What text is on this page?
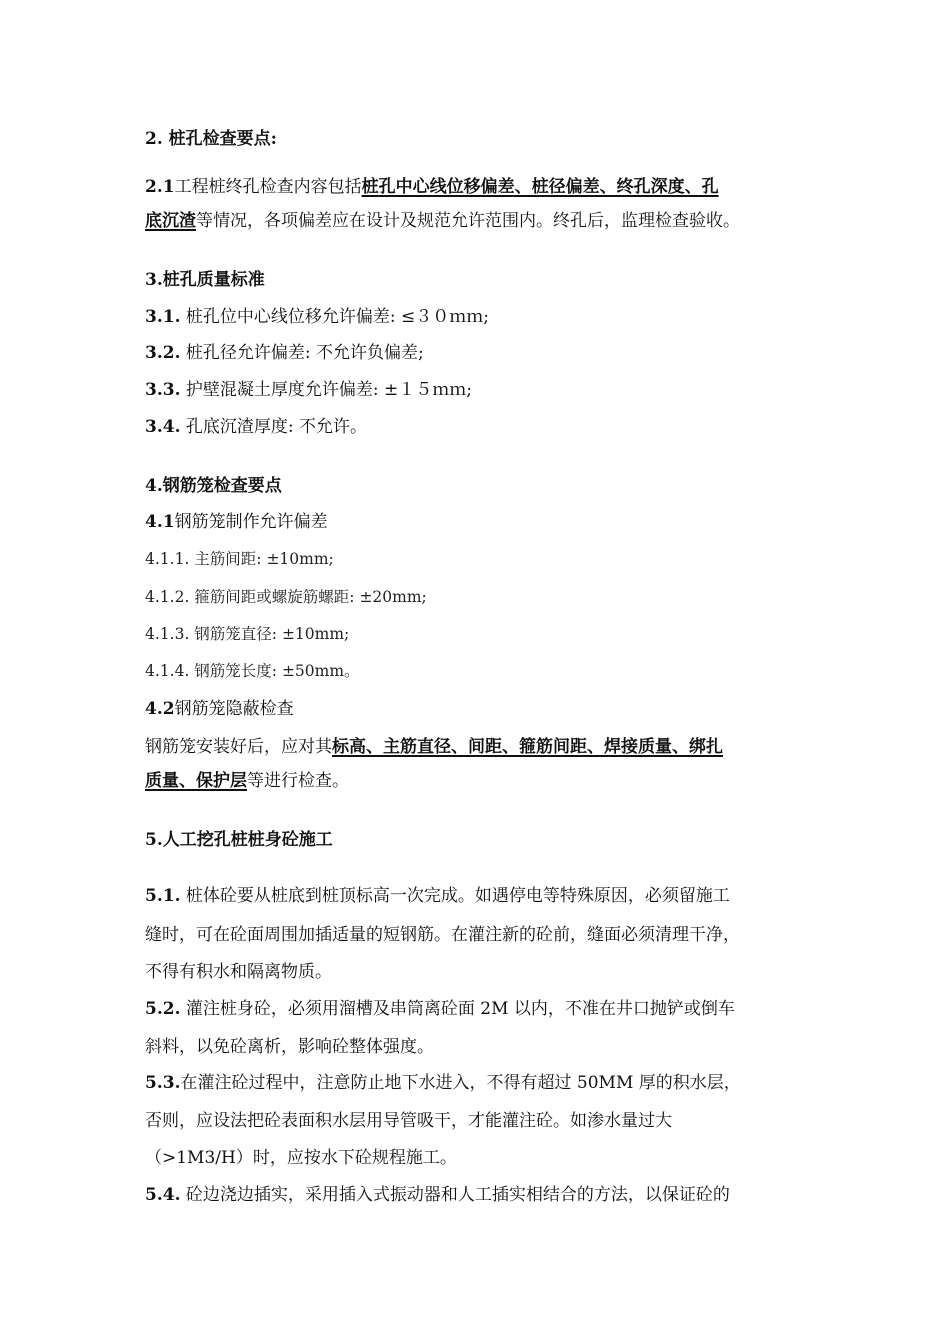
2. 桩孔检查要点:

2.1工程桩终孔检查内容包括桩孔中心线位移偏差、桩径偏差、终孔深度、孔

底沉渣等情况，各项偏差应在设计及规范允许范围内。终孔后，监理检查验收。

3.桩孔质量标准

3.1. 桩孔位中心线位移允许偏差: ≤３０ｍｍ;

3.2. 桩孔径允许偏差: 不允许负偏差;

3.3. 护壁混凝土厚度允许偏差: ±１５ｍｍ;

3.4. 孔底沉渣厚度: 不允许。

4.钢筋笼检查要点

4.1钢筋笼制作允许偏差

4.1.1. 主筋间距: ±10mm;

4.1.2. 箍筋间距或螺旋筋螺距: ±20mm;

4.1.3. 钢筋笼直径: ±10mm;

4.1.4. 钢筋笼长度: ±50mm。

4.2钢筋笼隐蔽检查

钢筋笼安装好后，应对其标高、主筋直径、间距、箍筋间距、焊接质量、绑扎

质量、保护层等进行检查。

5.人工挖孔桩桩身砼施工

5.1. 桩体砼要从桩底到桩顶标高一次完成。如遇停电等特殊原因，必须留施工

缝时，可在砼面周围加插适量的短钢筋。在灌注新的砼前，缝面必须清理干净，

不得有积水和隔离物质。

5.2. 灌注桩身砼，必须用溜槽及串筒离砼面 2M 以内，不准在井口抛铲或倒车

斜料，以免砼离析，影响砼整体强度。

5.3.在灌注砼过程中，注意防止地下水进入，不得有超过 50MM 厚的积水层，

否则，应设法把砼表面积水层用导管吸干，才能灌注砼。如渗水量过大

（>1M3/H）时，应按水下砼规程施工。

5.4. 砼边浇边插实，采用插入式振动器和人工插实相结合的方法，以保证砼的
